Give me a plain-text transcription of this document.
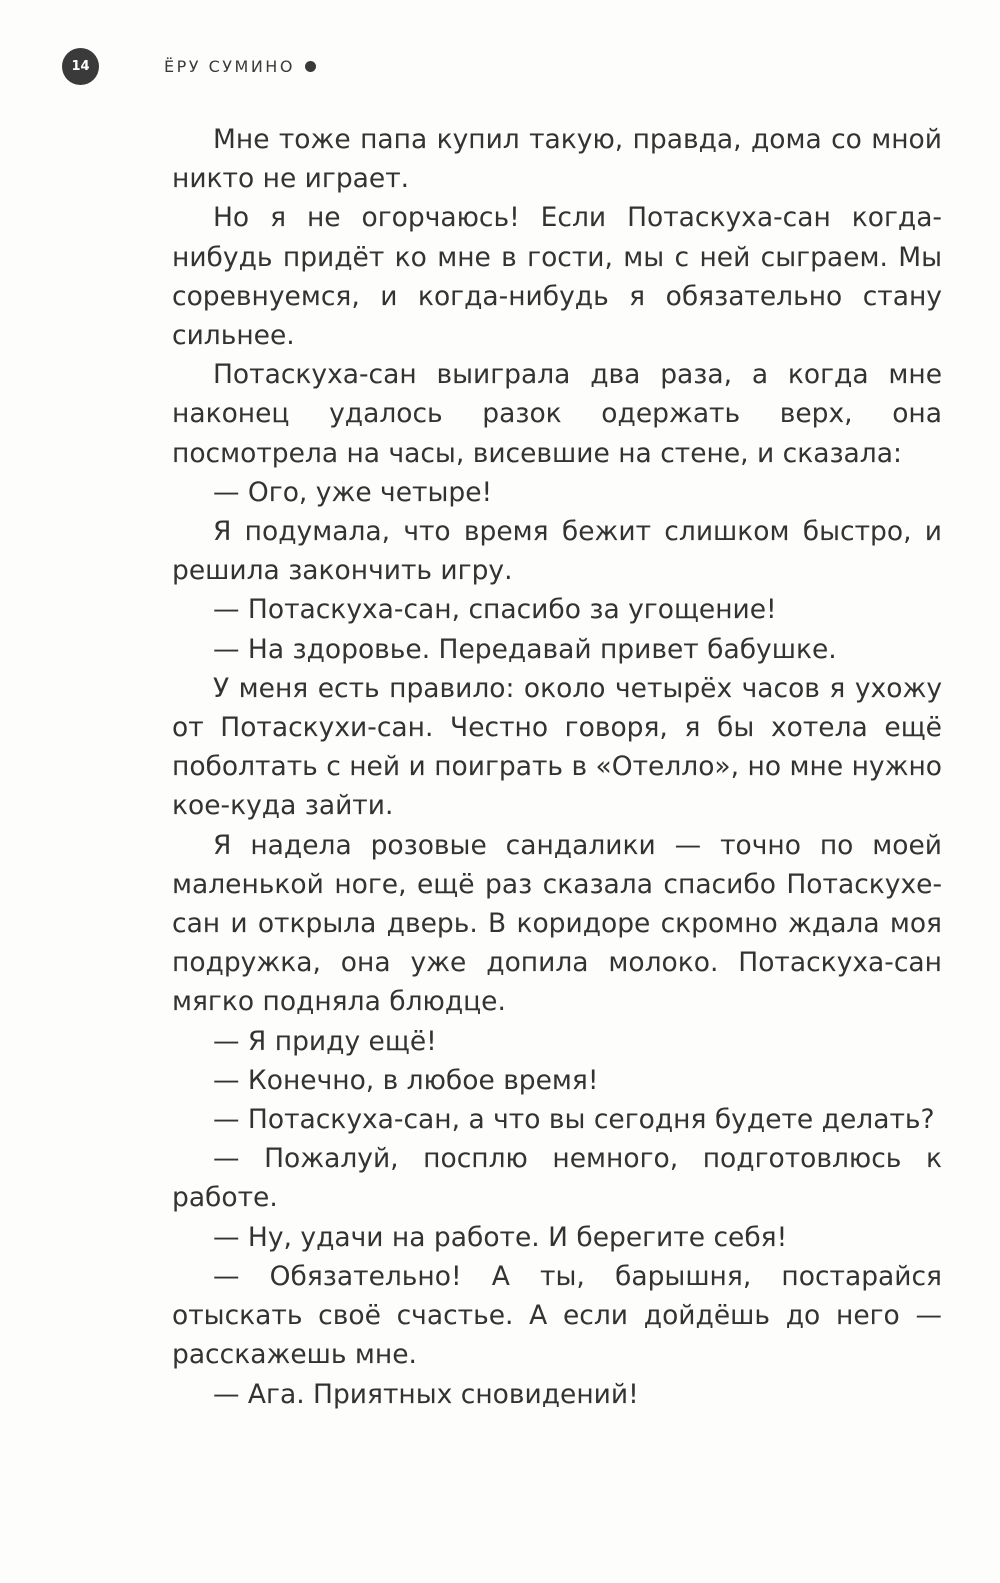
14	ЁРУ СУМИНО

Мне тоже папа купил такую, правда, дома со мной никто не играет.

Но я не огорчаюсь! Если Потаскуха-сан когда-нибудь придёт ко мне в гости, мы с ней сыграем. Мы соревнуемся, и когда-нибудь я обязательно стану сильнее.

Потаскуха-сан выиграла два раза, а когда мне наконец удалось разок одержать верх, она посмотрела на часы, висевшие на стене, и сказала:

— Ого, уже четыре!

Я подумала, что время бежит слишком быстро, и решила закончить игру.

— Потаскуха-сан, спасибо за угощение!

— На здоровье. Передавай привет бабушке.

У меня есть правило: около четырёх часов я ухожу от Потаскухи-сан. Честно говоря, я бы хотела ещё поболтать с ней и поиграть в «Отелло», но мне нужно кое-куда зайти.

Я надела розовые сандалики — точно по моей маленькой ноге, ещё раз сказала спасибо Потаскухе-сан и открыла дверь. В коридоре скромно ждала моя подружка, она уже допила молоко. Потаскуха-сан мягко подняла блюдце.

— Я приду ещё!

— Конечно, в любое время!

— Потаскуха-сан, а что вы сегодня будете делать?

— Пожалуй, посплю немного, подготовлюсь к работе.

— Ну, удачи на работе. И берегите себя!

— Обязательно! А ты, барышня, постарайся отыскать своё счастье. А если дойдёшь до него — расскажешь мне.

— Ага. Приятных сновидений!
